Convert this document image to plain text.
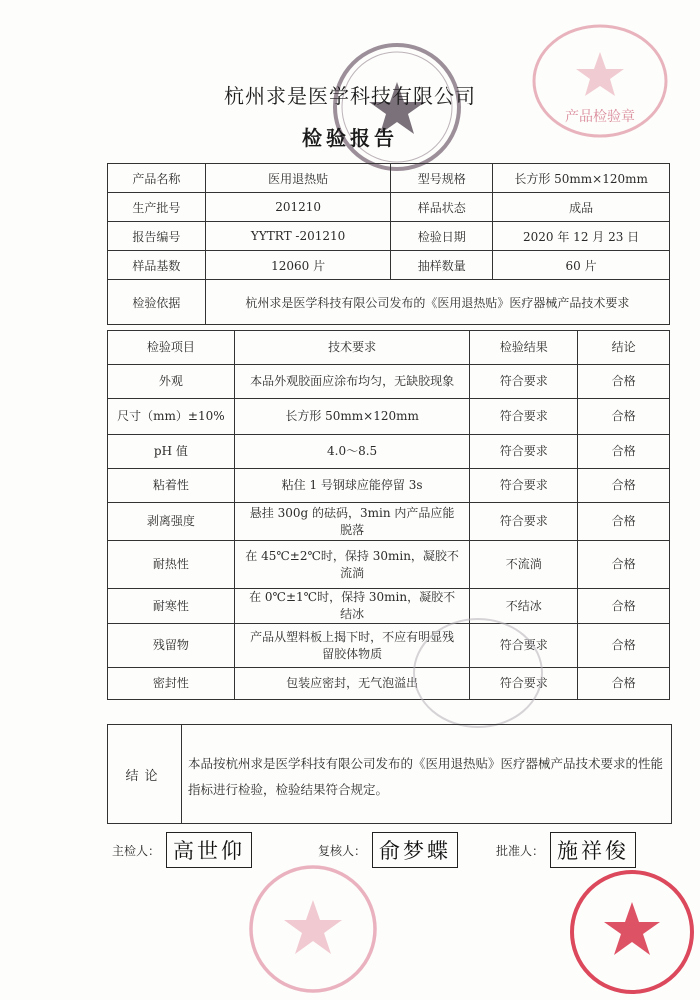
产品检验章
杭州求是医学科技有限公司
检验报告
产品名称	医用退热贴	型号规格	长方形 50mm×120mm
生产批号	201210	样品状态	成品
报告编号	YYTRT -201210	检验日期	2020 年 12 月 23 日
样品基数	12060 片	抽样数量	60 片
检验依据	杭州求是医学科技有限公司发布的《医用退热贴》医疗器械产品技术要求
检验项目	技术要求	检验结果	结论
外观	本品外观胶面应涂布均匀，无缺胶现象	符合要求	合格
尺寸（mm）±10%	长方形 50mm×120mm	符合要求	合格
pH 值	4.0～8.5	符合要求	合格
粘着性	粘住 1 号钢球应能停留 3s	符合要求	合格
剥离强度	悬挂 300g 的砝码，3min 内产品应能脱落	符合要求	合格
耐热性	在 45℃±2℃时，保持 30min，凝胶不流淌	不流淌	合格
耐寒性	在 0℃±1℃时，保持 30min，凝胶不结冰	不结冰	合格
残留物	产品从塑料板上揭下时，不应有明显残留胶体物质	符合要求	合格
密封性	包装应密封，无气泡溢出	符合要求	合格
结论
本品按杭州求是医学科技有限公司发布的《医用退热贴》医疗器械产品技术要求的性能指标进行检验，检验结果符合规定。
主检人： 高世仰	复核人： 俞梦蝶	批准人： 施祥俊
